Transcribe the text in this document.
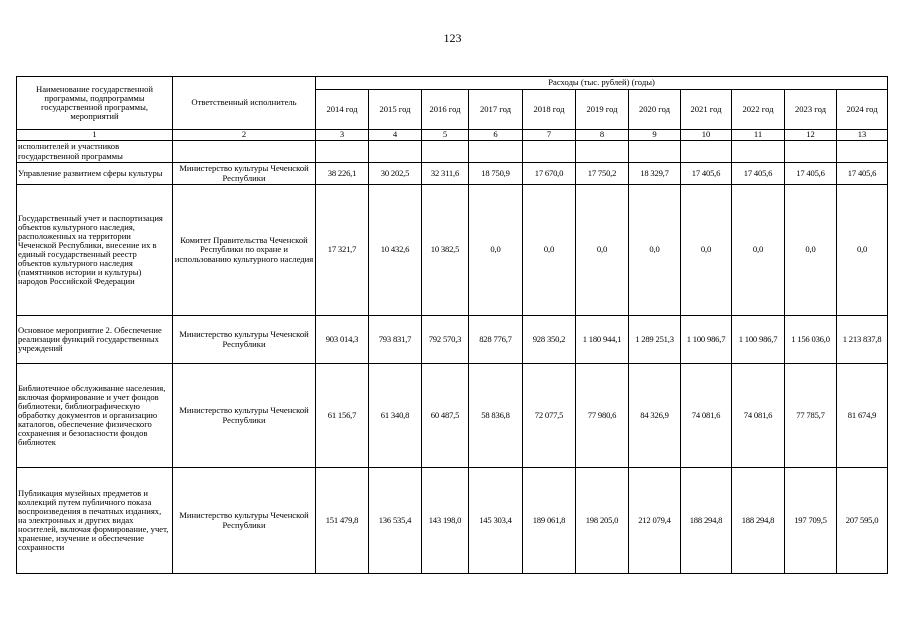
123
Наименование государственной программы, подпрограммы государственной программы, мероприятий	Ответственный исполнитель	Расходы (тыс. рублей) (годы)										
		2014 год	2015 год	2016 год	2017 год	2018 год	2019 год	2020 год	2021 год	2022 год	2023 год	2024 год
1	2	3	4	5	6	7	8	9	10	11	12	13
исполнителей и участников государственной программы												
Управление развитием сферы культуры	Министерство культуры Чеченской Республики	38 226,1	30 202,5	32 311,6	18 750,9	17 670,0	17 750,2	18 329,7	17 405,6	17 405,6	17 405,6	17 405,6
Государственный учет и паспортизация объектов культурного наследия, расположенных на территории Чеченской Республики, внесение их в единый государственный реестр объектов культурного наследия (памятников истории и культуры) народов Российской Федерации	Комитет Правительства Чеченской Республики по охране и использованию культурного наследия	17 321,7	10 432,6	10 382,5	0,0	0,0	0,0	0,0	0,0	0,0	0,0	0,0
Основное мероприятие 2. Обеспечение реализации функций государственных учреждений	Министерство культуры Чеченской Республики	903 014,3	793 831,7	792 570,3	828 776,7	928 350,2	1 180 944,1	1 289 251,3	1 100 986,7	1 100 986,7	1 156 036,0	1 213 837,8
Библиотечное обслуживание населения, включая формирование и учет фондов библиотеки, библиографическую обработку документов и организацию каталогов, обеспечение физического сохранения и безопасности фондов библиотек	Министерство культуры Чеченской Республики	61 156,7	61 340,8	60 487,5	58 836,8	72 077,5	77 980,6	84 326,9	74 081,6	74 081,6	77 785,7	81 674,9
Публикация музейных предметов и коллекций путем публичного показа воспроизведения в печатных изданиях, на электронных и других видах носителей, включая формирование, учет, хранение, изучение и обеспечение сохранности	Министерство культуры Чеченской Республики	151 479,8	136 535,4	143 198,0	145 303,4	189 061,8	198 205,0	212 079,4	188 294,8	188 294,8	197 709,5	207 595,0
